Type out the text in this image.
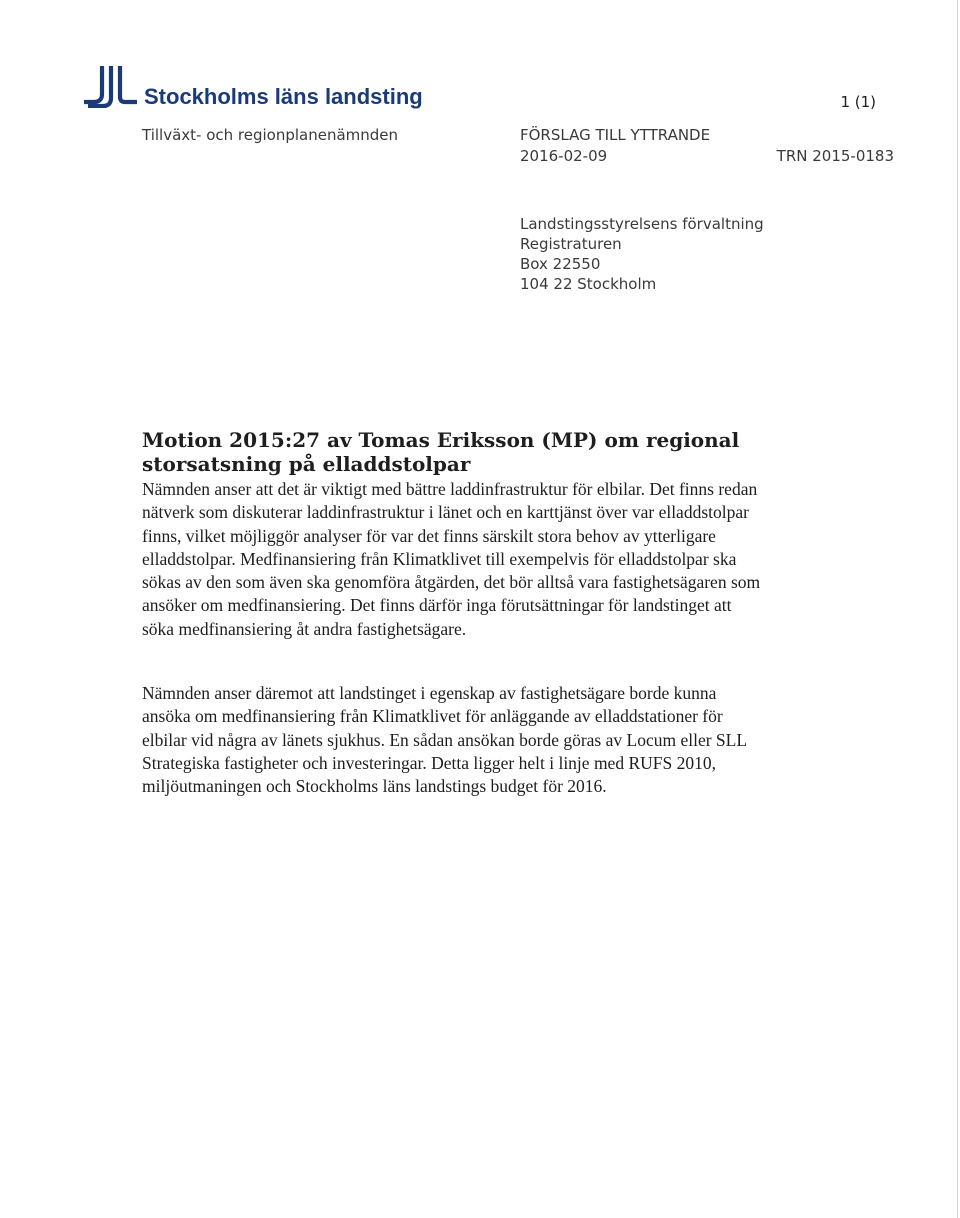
Stockholms läns landsting	1 (1)
Tillväxt- och regionplanenämnden	FÖRSLAG TILL YTTRANDE
2016-02-09	TRN 2015-0183
Landstingsstyrelsens förvaltning
Registraturen
Box 22550
104 22 Stockholm
Motion 2015:27 av Tomas Eriksson (MP) om regional storsatsning på elladdstolpar

Nämnden anser att det är viktigt med bättre laddinfrastruktur för elbilar. Det finns redan nätverk som diskuterar laddinfrastruktur i länet och en karttjänst över var elladdstolpar finns, vilket möjliggör analyser för var det finns särskilt stora behov av ytterligare elladdstolpar. Medfinansiering från Klimatklivet till exempelvis för elladdstolpar ska sökas av den som även ska genomföra åtgärden, det bör alltså vara fastighetsägaren som ansöker om medfinansiering. Det finns därför inga förutsättningar för landstinget att söka medfinansiering åt andra fastighetsägare.

Nämnden anser däremot att landstinget i egenskap av fastighetsägare borde kunna ansöka om medfinansiering från Klimatklivet för anläggande av elladdstationer för elbilar vid några av länets sjukhus. En sådan ansökan borde göras av Locum eller SLL Strategiska fastigheter och investeringar. Detta ligger helt i linje med RUFS 2010, miljöutmaningen och Stockholms läns landstings budget för 2016.
